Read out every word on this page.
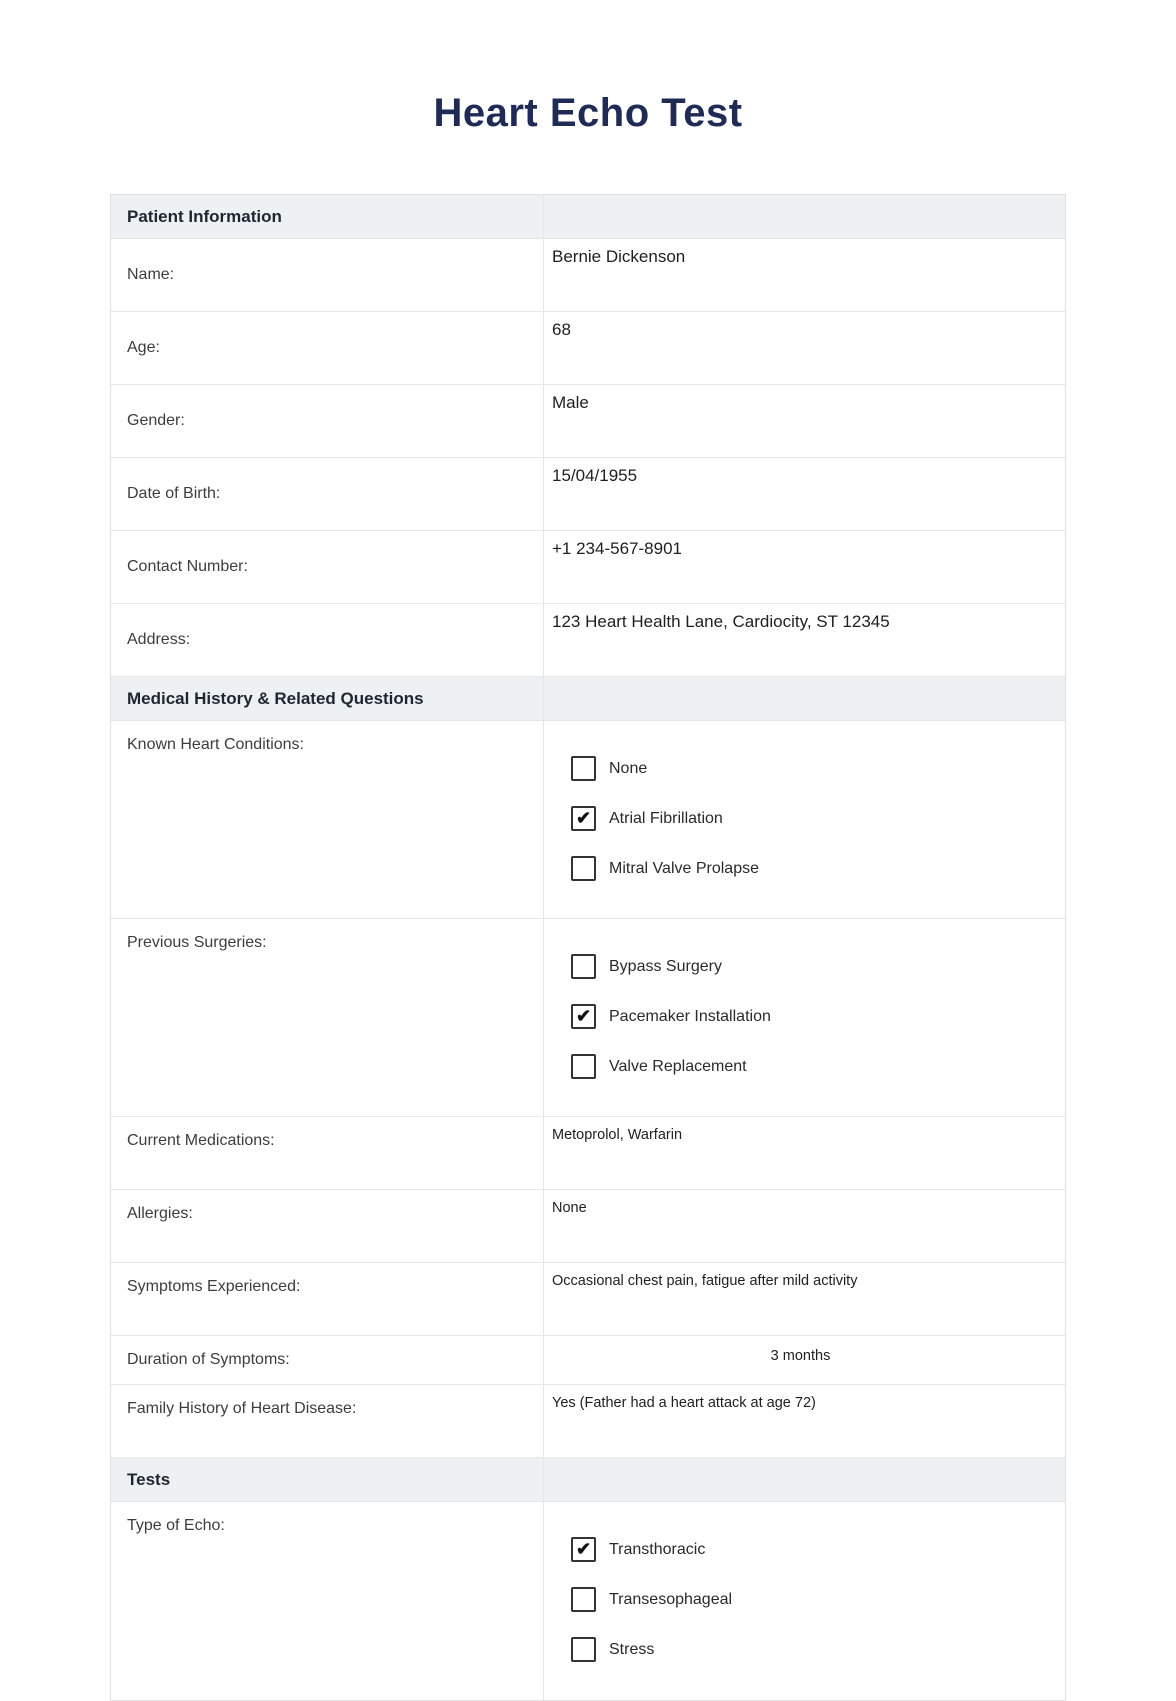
Heart Echo Test
Patient Information
Name:
Bernie Dickenson
Age:
68
Gender:
Male
Date of Birth:
15/04/1955
Contact Number:
+1 234-567-8901
Address:
123 Heart Health Lane, Cardiocity, ST 12345
Medical History & Related Questions
Known Heart Conditions:
None
✔ Atrial Fibrillation
Mitral Valve Prolapse
Previous Surgeries:
Bypass Surgery
✔ Pacemaker Installation
Valve Replacement
Current Medications:	Metoprolol, Warfarin
Allergies:	None
Symptoms Experienced:	Occasional chest pain, fatigue after mild activity
Duration of Symptoms:	3 months
Family History of Heart Disease:	Yes (Father had a heart attack at age 72)
Tests
Type of Echo:
✔ Transthoracic
Transesophageal
Stress
